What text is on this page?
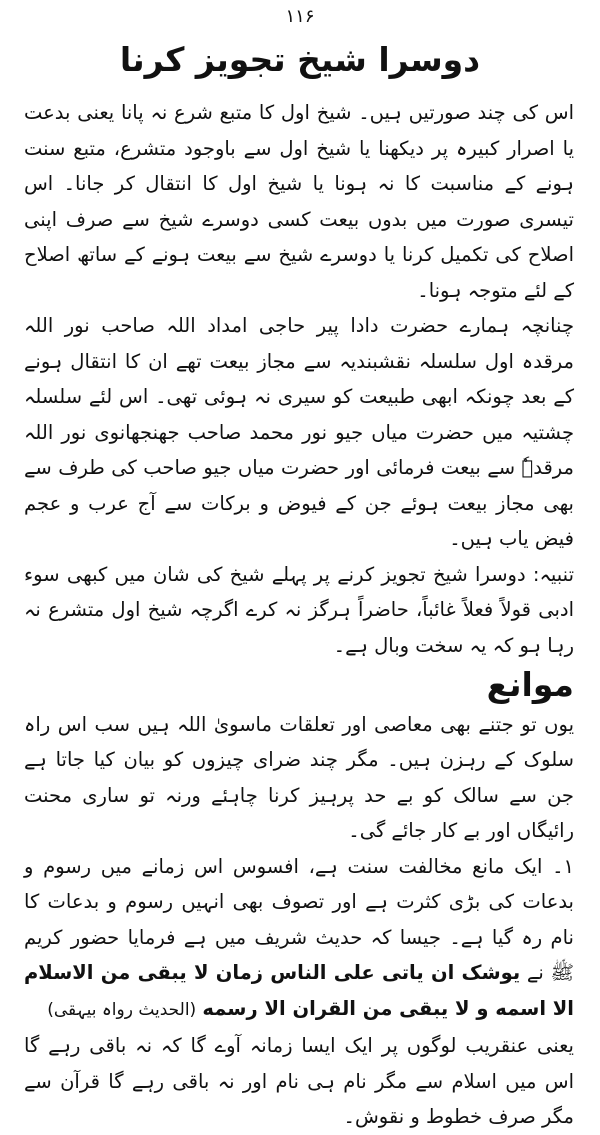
۱۱۶
دوسرا شیخ تجویز کرنا

اس کی چند صورتیں ہیں۔ شیخ اول کا متبع شرع نہ پانا یعنی بدعت یا اصرار کبیرہ پر دیکھنا یا شیخ اول سے باوجود متشرع، متبع سنت ہونے کے مناسبت کا نہ ہونا یا شیخ اول کا انتقال کر جانا۔ اس تیسری صورت میں بدوں بیعت کسی دوسرے شیخ سے صرف اپنی اصلاح کی تکمیل کرنا یا دوسرے شیخ سے بیعت ہونے کے ساتھ اصلاح کے لئے متوجہ ہونا۔

چنانچہ ہمارے حضرت دادا پیر حاجی امداد اللہ صاحب نور اللہ مرقدہ اول سلسلہ نقشبندیہ سے مجاز بیعت تھے ان کا انتقال ہونے کے بعد چونکہ ابھی طبیعت کو سیری نہ ہوئی تھی۔ اس لئے سلسلہ چشتیہ میں حضرت میاں جیو نور محمد صاحب جھنجھانوی نور اللہ مرقدہٗ سے بیعت فرمائی اور حضرت میاں جیو صاحب کی طرف سے بھی مجاز بیعت ہوئے جن کے فیوض و برکات سے آج عرب و عجم فیض یاب ہیں۔

تنبیہ: دوسرا شیخ تجویز کرنے پر پہلے شیخ کی شان میں کبھی سوء ادبی قولاً فعلاً غائباً، حاضراً ہرگز نہ کرے اگرچہ شیخ اول متشرع نہ رہا ہو کہ یہ سخت وبال ہے۔

موانع

یوں تو جتنے بھی معاصی اور تعلقات ماسویٰ اللہ ہیں سب اس راہ سلوک کے رہزن ہیں۔ مگر چند ضرای چیزوں کو بیان کیا جاتا ہے جن سے سالک کو بے حد پرہیز کرنا چاہئے ورنہ تو ساری محنت رائیگاں اور بے کار جائے گی۔

۱۔ ایک مانع مخالفت سنت ہے، افسوس اس زمانے میں رسوم و بدعات کی بڑی کثرت ہے اور تصوف بھی انہیں رسوم و بدعات کا نام رہ گیا ہے۔ جیسا کہ حدیث شریف میں ہے فرمایا حضور کریم ﷺ نے یوشک ان یاتی علی الناس زمان لا یبقی من الاسلام الا اسمه و لا یبقی من القران الا رسمه (الحدیث رواہ بیہقی)

یعنی عنقریب لوگوں پر ایک ایسا زمانہ آوے گا کہ نہ باقی رہے گا اس میں اسلام سے مگر نام ہی نام اور نہ باقی رہے گا قرآن سے مگر صرف خطوط و نقوش۔
